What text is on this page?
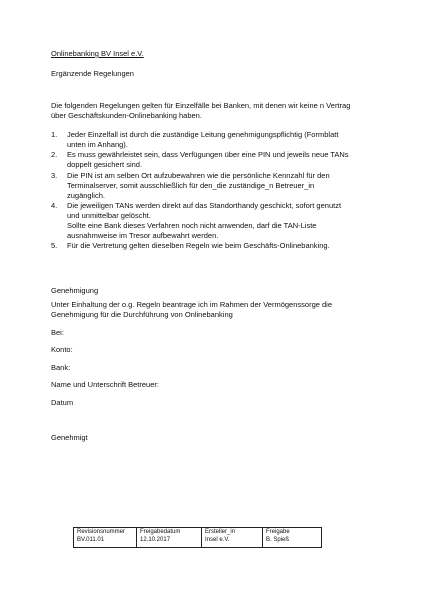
Onlinebanking BV Insel e.V.
Ergänzende Regelungen
Die folgenden Regelungen gelten für Einzelfälle bei Banken, mit denen wir keine n Vertrag
über Geschäftskunden-Onlinebanking haben.
1. Jeder Einzelfall ist durch die zuständige Leitung genehmigungspflichtig (Formblatt
unten im Anhang).
2. Es muss gewährleistet sein, dass Verfügungen über eine PIN und jeweils neue TANs
doppelt gesichert sind.
3. Die PIN ist am selben Ort aufzubewahren wie die persönliche Kennzahl für den
Terminalserver, somit ausschließlich für den_die zuständige_n Betreuer_in
zugänglich.
4. Die jeweiligen TANs werden direkt auf das Standorthandy geschickt, sofort genutzt
und unmittelbar gelöscht.
Sollte eine Bank dieses Verfahren noch nicht anwenden, darf die TAN-Liste
ausnahmweise im Tresor aufbewahrt werden.
5. Für die Vertretung gelten dieselben Regeln wie beim Geschäfts-Onlinebanking.
Genehmigung
Unter Einhaltung der o.g. Regeln beantrage ich im Rahmen der Vermögenssorge die
Genehmigung für die Durchführung von Onlinebanking
Bei:
Konto:
Bank:
Name und Unterschrift Betreuer:
Datum
Genehmigt
Revisionsnummer
BV.011.01

Freigabedatum
12.10.2017

Ersteller_in
Insel e.V.

Freigabe
B. Spieß
